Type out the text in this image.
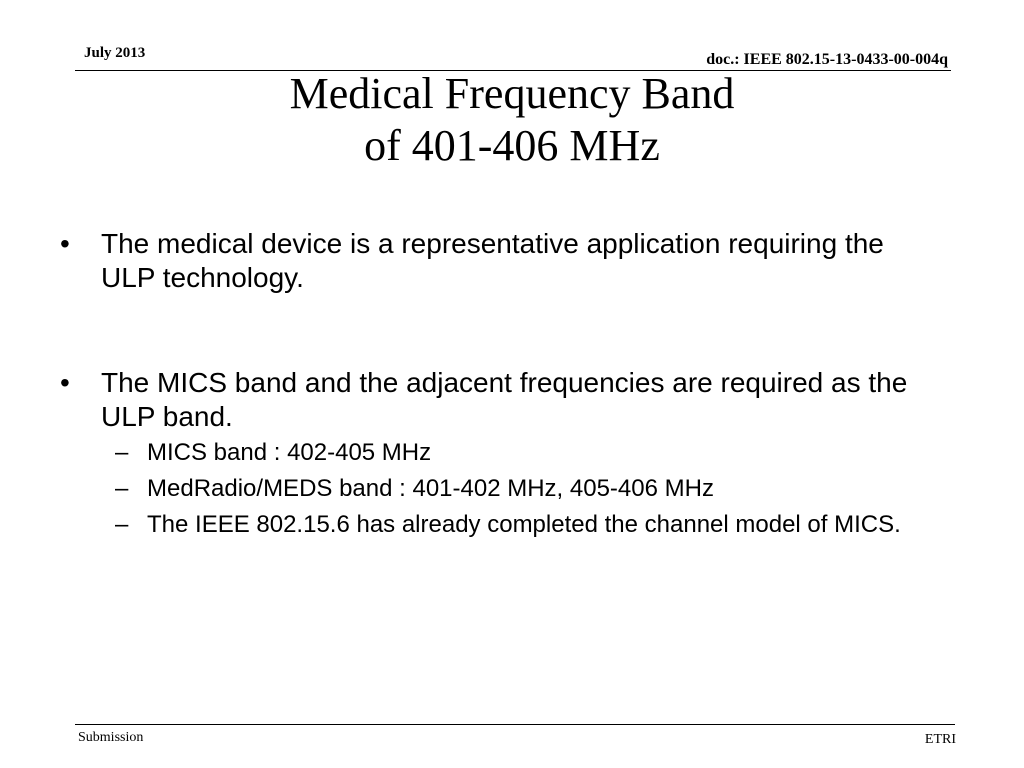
July 2013	doc.: IEEE 802.15-13-0433-00-004q
Medical Frequency Band
of 401-406 MHz
• The medical device is a representative application requiring the ULP technology.
• The MICS band and the adjacent frequencies are required as the ULP band.
– MICS band : 402-405 MHz
– MedRadio/MEDS band : 401-402 MHz, 405-406 MHz
– The IEEE 802.15.6 has already completed the channel model of MICS.
Submission	ETRI
